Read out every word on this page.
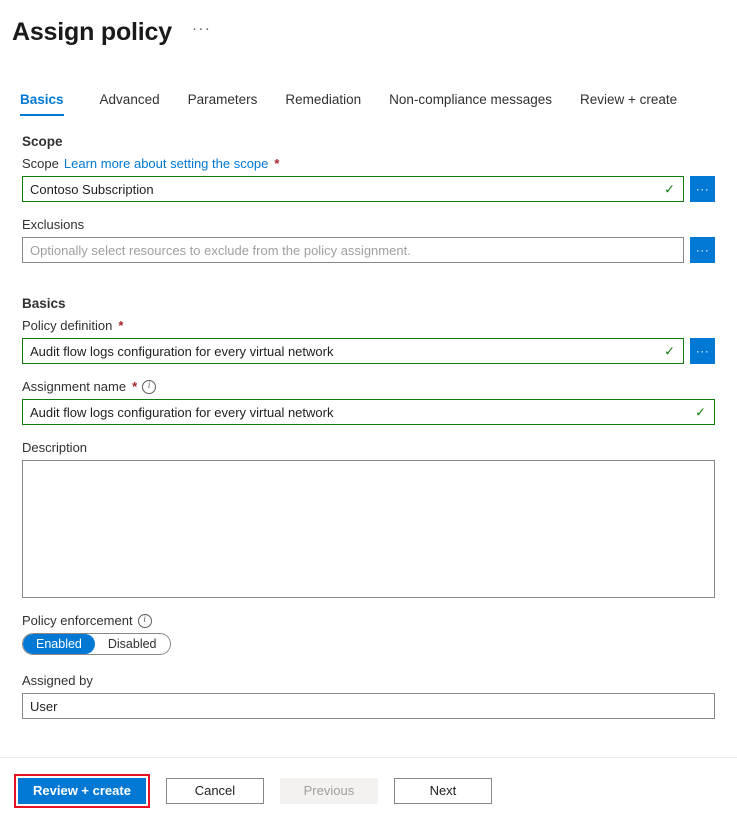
Assign policy	···
Basics	Advanced	Parameters	Remediation	Non-compliance messages	Review + create
Scope
Scope Learn more about setting the scope *
Contoso Subscription	✓	···
Exclusions
Optionally select resources to exclude from the policy assignment.	···
Basics
Policy definition *
Audit flow logs configuration for every virtual network	✓	···
Assignment name *	i
Audit flow logs configuration for every virtual network	✓
Description
Policy enforcement	i
Enabled	Disabled
Assigned by
User
Review + create	Cancel	Previous	Next
